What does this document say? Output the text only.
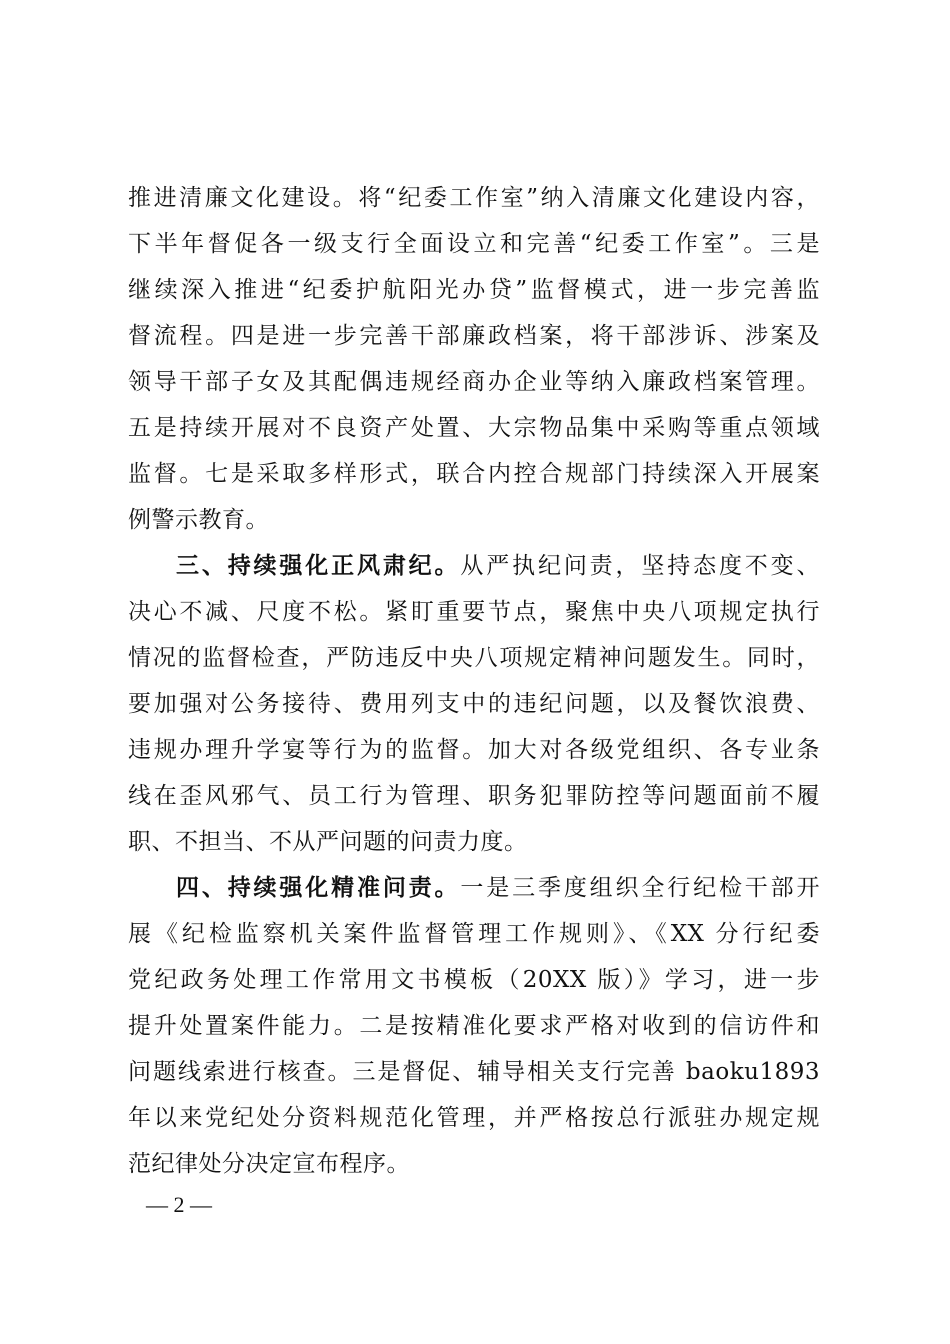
推进清廉文化建设。将“纪委工作室”纳入清廉文化建设内容，
下半年督促各一级支行全面设立和完善“纪委工作室”。三是
继续深入推进“纪委护航阳光办贷”监督模式，进一步完善监
督流程。四是进一步完善干部廉政档案，将干部涉诉、涉案及
领导干部子女及其配偶违规经商办企业等纳入廉政档案管理。
五是持续开展对不良资产处置、大宗物品集中采购等重点领域
监督。七是采取多样形式，联合内控合规部门持续深入开展案
例警示教育。
三、持续强化正风肃纪。从严执纪问责，坚持态度不变、
决心不减、尺度不松。紧盯重要节点，聚焦中央八项规定执行
情况的监督检查，严防违反中央八项规定精神问题发生。同时，
要加强对公务接待、费用列支中的违纪问题，以及餐饮浪费、
违规办理升学宴等行为的监督。加大对各级党组织、各专业条
线在歪风邪气、员工行为管理、职务犯罪防控等问题面前不履
职、不担当、不从严问题的问责力度。
四、持续强化精准问责。一是三季度组织全行纪检干部开
展《纪检监察机关案件监督管理工作规则》、《XX 分行纪委
党纪政务处理工作常用文书模板（20XX 版）》学习，进一步
提升处置案件能力。二是按精准化要求严格对收到的信访件和
问题线索进行核查。三是督促、辅导相关支行完善 baoku1893
年以来党纪处分资料规范化管理，并严格按总行派驻办规定规
范纪律处分决定宣布程序。
— 2 —
